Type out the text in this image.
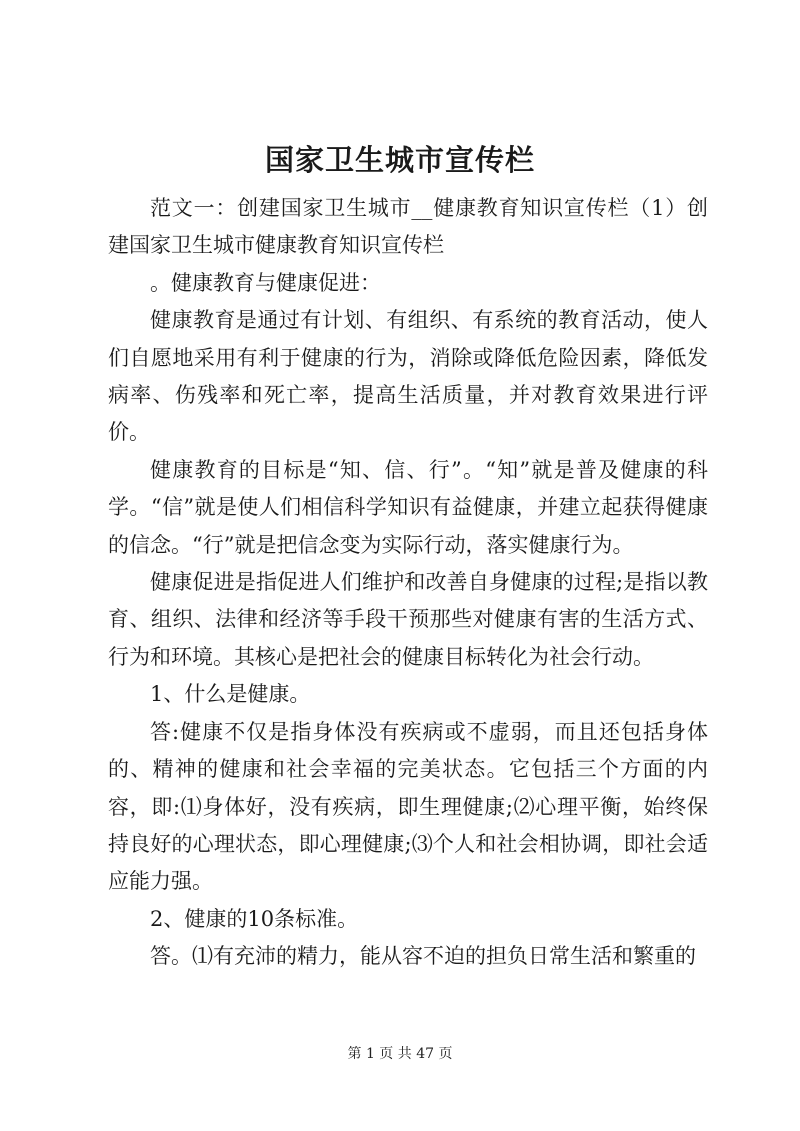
国家卫生城市宣传栏

范文一：创建国家卫生城市__健康教育知识宣传栏（1）创建国家卫生城市健康教育知识宣传栏

。健康教育与健康促进：

健康教育是通过有计划、有组织、有系统的教育活动，使人们自愿地采用有利于健康的行为，消除或降低危险因素，降低发病率、伤残率和死亡率，提高生活质量，并对教育效果进行评价。

健康教育的目标是“知、信、行”。“知”就是普及健康的科学。“信”就是使人们相信科学知识有益健康，并建立起获得健康的信念。“行”就是把信念变为实际行动，落实健康行为。

健康促进是指促进人们维护和改善自身健康的过程;是指以教育、组织、法律和经济等手段干预那些对健康有害的生活方式、行为和环境。其核心是把社会的健康目标转化为社会行动。

1、什么是健康。

答:健康不仅是指身体没有疾病或不虚弱，而且还包括身体的、精神的健康和社会幸福的完美状态。它包括三个方面的内容，即:⑴身体好，没有疾病，即生理健康;⑵心理平衡，始终保持良好的心理状态，即心理健康;⑶个人和社会相协调，即社会适应能力强。

2、健康的10条标准。

答。⑴有充沛的精力，能从容不迫的担负日常生活和繁重的

第 1 页 共 47 页
